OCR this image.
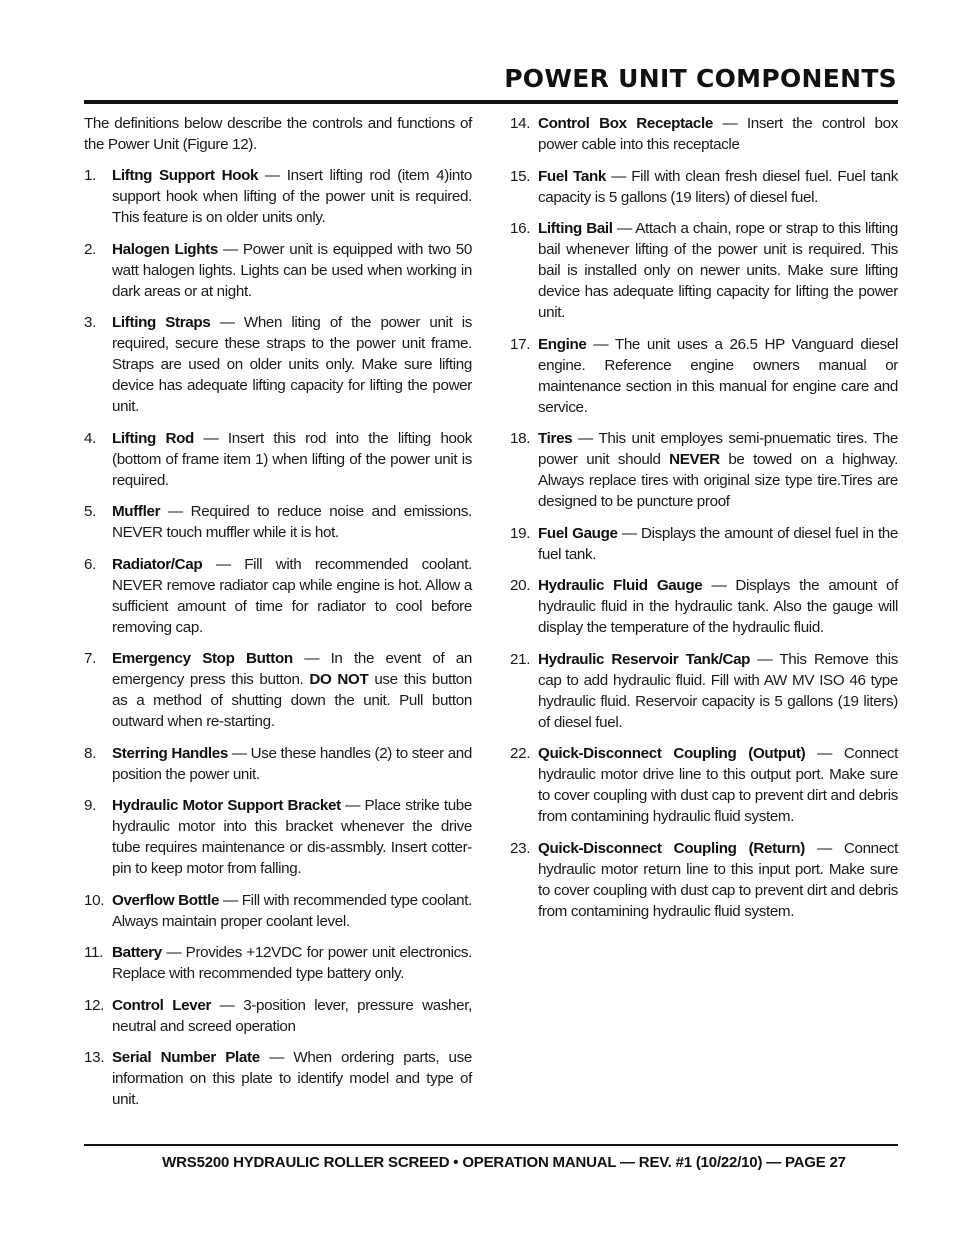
POWER UNIT COMPONENTS

The definitions below describe the controls and functions of the Power Unit (Figure 12).

1.	Liftng Support Hook — Insert lifting rod (item 4)into support hook when lifting of the power unit is required. This feature is on older units only.
2.	Halogen Lights — Power unit is equipped with two 50 watt halogen lights. Lights can be used when working in dark areas or at night.
3.	Lifting Straps — When liting of the power unit is required, secure these straps to the power unit frame. Straps are used on older units only. Make sure lifting device has adequate lifting capacity for lifting the power unit.
4.	Lifting Rod — Insert this rod into the lifting hook (bottom of frame item 1) when lifting of the power unit is required.
5.	Muffler — Required to reduce noise and emissions. NEVER touch muffler while it is hot.
6.	Radiator/Cap — Fill with recommended coolant. NEVER remove radiator cap while engine is hot. Allow a sufficient amount of time for radiator to cool before removing cap.
7.	Emergency Stop Button — In the event of an emergency press this button. DO NOT use this button as a method of shutting down the unit. Pull button outward when re-starting.
8.	Sterring Handles — Use these handles (2) to steer and position the power unit.
9.	Hydraulic Motor Support Bracket — Place strike tube hydraulic motor into this bracket whenever the drive tube requires maintenance or dis-assmbly. Insert cotter-pin to keep motor from falling.
10. Overflow Bottle — Fill with recommended type coolant. Always maintain proper coolant level.
11. Battery — Provides +12VDC for power unit electronics. Replace with recommended type battery only.
12. Control Lever — 3-position lever, pressure washer, neutral and screed operation
13. Serial Number Plate — When ordering parts, use information on this plate to identify model and type of unit.
14. Control Box Receptacle — Insert the control box power cable into this receptacle
15. Fuel Tank — Fill with clean fresh diesel fuel. Fuel tank capacity is 5 gallons (19 liters) of diesel fuel.
16. Lifting Bail — Attach a chain, rope or strap to this lifting bail whenever lifting of the power unit is required. This bail is installed only on newer units. Make sure lifting device has adequate lifting capacity for lifting the power unit.
17. Engine — The unit uses a 26.5 HP Vanguard diesel engine. Reference engine owners manual or maintenance section in this manual for engine care and service.
18. Tires — This unit employes semi-pnuematic tires. The power unit should NEVER be towed on a highway. Always replace tires with original size type tire.Tires are designed to be puncture proof
19. Fuel Gauge — Displays the amount of diesel fuel in the fuel tank.
20. Hydraulic Fluid Gauge — Displays the amount of hydraulic fluid in the hydraulic tank. Also the gauge will display the temperature of the hydraulic fluid.
21. Hydraulic Reservoir Tank/Cap — This Remove this cap to add hydraulic fluid. Fill with AW MV ISO 46 type hydraulic fluid. Reservoir capacity is 5 gallons (19 liters) of diesel fuel.
22. Quick-Disconnect Coupling (Output) — Connect hydraulic motor drive line to this output port. Make sure to cover coupling with dust cap to prevent dirt and debris from contamining hydraulic fluid system.
23. Quick-Disconnect Coupling (Return) — Connect hydraulic motor return line to this input port. Make sure to cover coupling with dust cap to prevent dirt and debris from contamining hydraulic fluid system.
WRS5200 HYDRAULIC ROLLER SCREED • OPERATION MANUAL — REV. #1 (10/22/10) — PAGE 27
